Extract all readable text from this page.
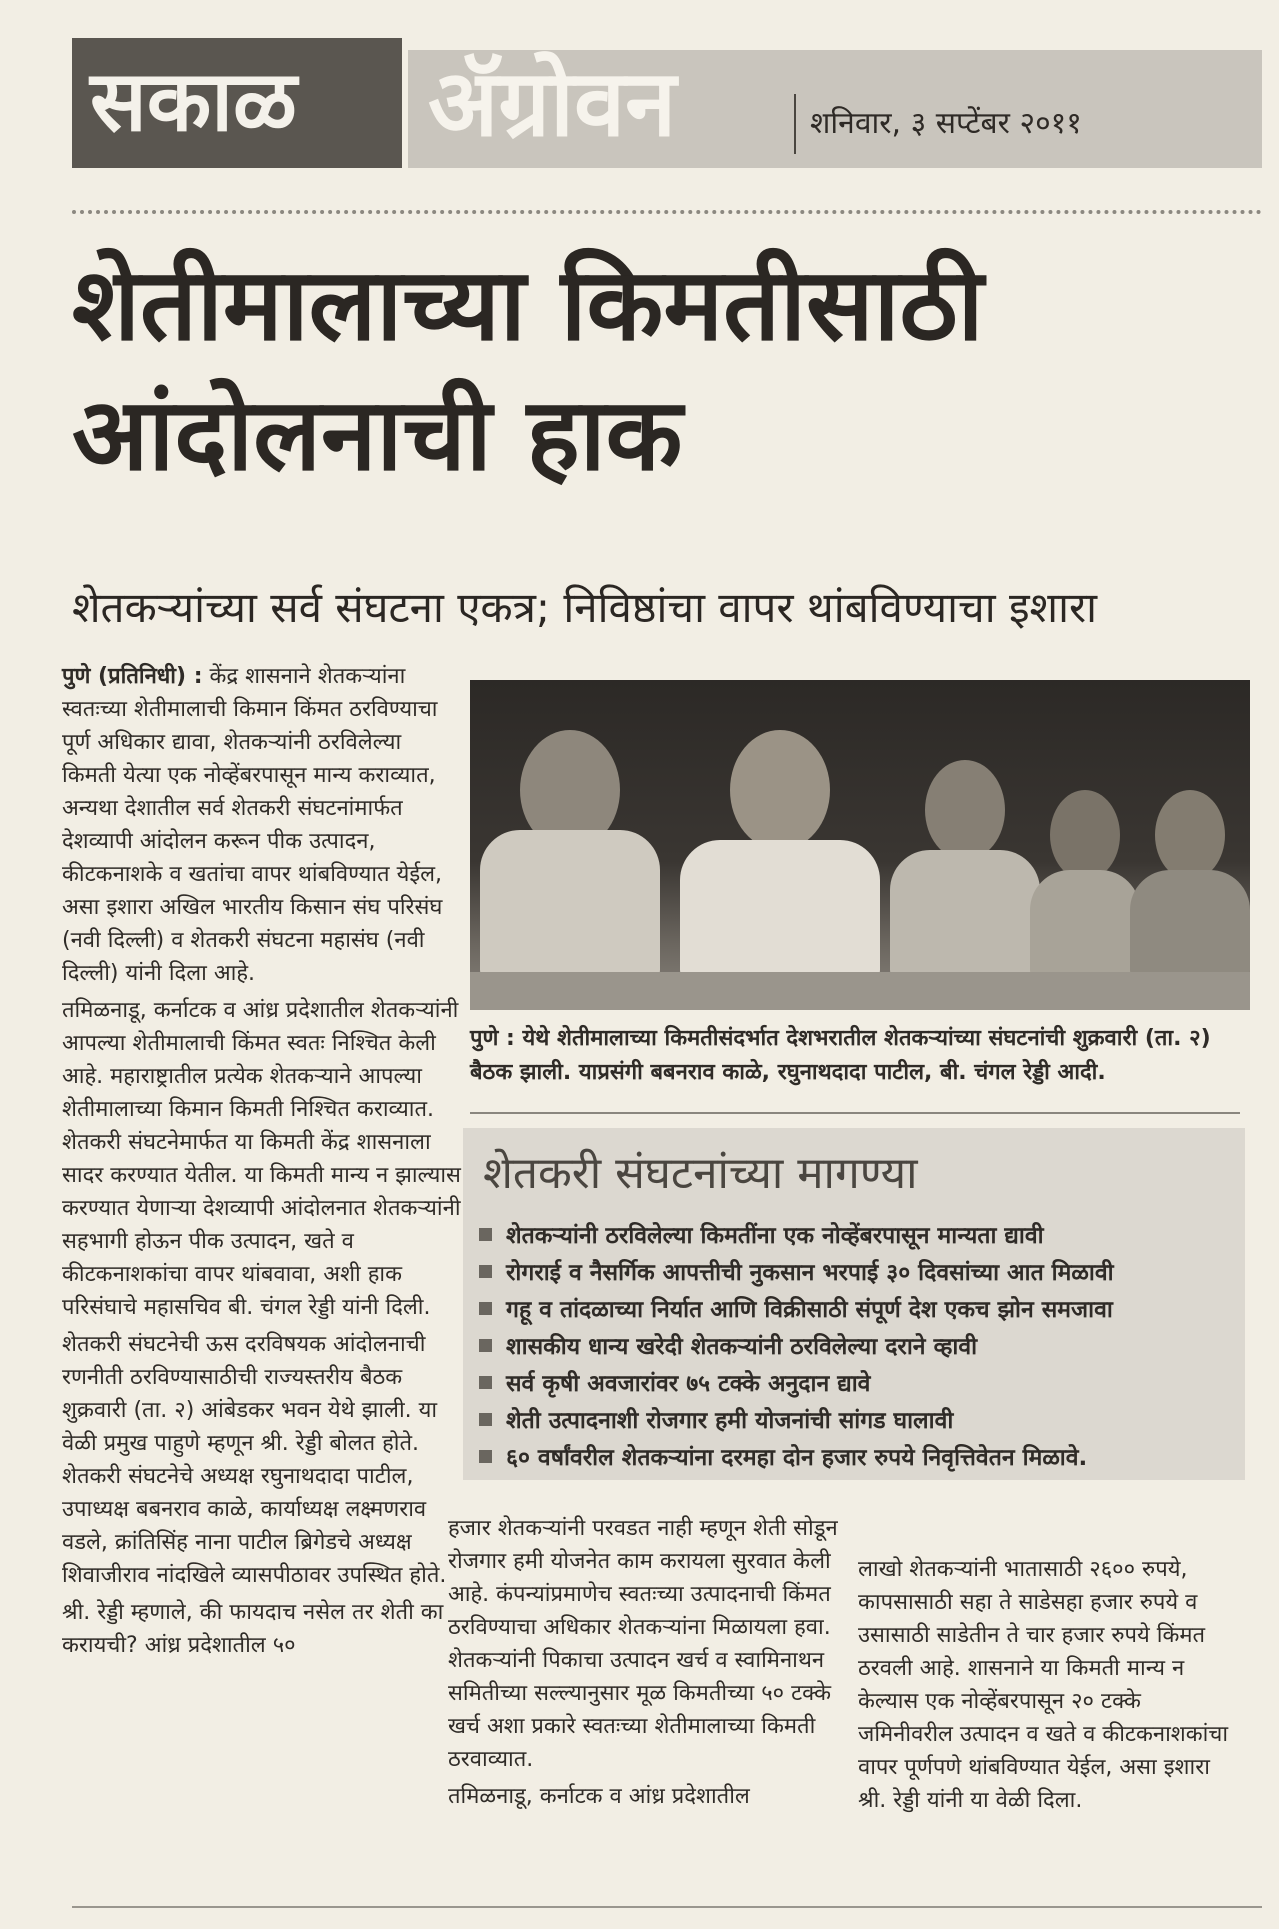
सकाळ ॲग्रोवन	शनिवार, ३ सप्टेंबर २०११
शेतीमालाच्या किमतीसाठी
आंदोलनाची हाक
शेतकऱ्यांच्या सर्व संघटना एकत्र; निविष्ठांचा वापर थांबविण्याचा इशारा

पुणे (प्रतिनिधी) : केंद्र शासनाने शेतकऱ्यांना स्वतःच्या शेतीमालाची किमान किंमत ठरविण्याचा पूर्ण अधिकार द्यावा, शेतकऱ्यांनी ठरविलेल्या किमती येत्या एक नोव्हेंबरपासून मान्य कराव्यात, अन्यथा देशातील सर्व शेतकरी संघटनांमार्फत देशव्यापी आंदोलन करून पीक उत्पादन, कीटकनाशके व खतांचा वापर थांबविण्यात येईल, असा इशारा अखिल भारतीय किसान संघ परिसंघ (नवी दिल्ली) व शेतकरी संघटना महासंघ (नवी दिल्ली) यांनी दिला आहे.

तमिळनाडू, कर्नाटक व आंध्र प्रदेशातील शेतकऱ्यांनी आपल्या शेतीमालाची किंमत स्वतः निश्चित केली आहे. महाराष्ट्रातील प्रत्येक शेतकऱ्याने आपल्या शेतीमालाच्या किमान किमती निश्चित कराव्यात. शेतकरी संघटनेमार्फत या किमती केंद्र शासनाला सादर करण्यात येतील. या किमती मान्य न झाल्यास करण्यात येणाऱ्या देशव्यापी आंदोलनात शेतकऱ्यांनी सहभागी होऊन पीक उत्पादन, खते व कीटकनाशकांचा वापर थांबवावा, अशी हाक परिसंघाचे महासचिव बी. चंगल रेड्डी यांनी दिली.

शेतकरी संघटनेची ऊस दरविषयक आंदोलनाची रणनीती ठरविण्यासाठीची राज्यस्तरीय बैठक शुक्रवारी (ता. २) आंबेडकर भवन येथे झाली. या वेळी प्रमुख पाहुणे म्हणून श्री. रेड्डी बोलत होते. शेतकरी संघटनेचे अध्यक्ष रघुनाथदादा पाटील, उपाध्यक्ष बबनराव काळे, कार्याध्यक्ष लक्ष्मणराव वडले, क्रांतिसिंह नाना पाटील ब्रिगेडचे अध्यक्ष शिवाजीराव नांदखिले व्यासपीठावर उपस्थित होते.

श्री. रेड्डी म्हणाले, की फायदाच नसेल तर शेती का करायची? आंध्र प्रदेशातील ५०

पुणे : येथे शेतीमालाच्या किमतीसंदर्भात देशभरातील शेतकऱ्यांच्या संघटनांची शुक्रवारी (ता. २) बैठक झाली. याप्रसंगी बबनराव काळे, रघुनाथदादा पाटील, बी. चंगल रेड्डी आदी.
शेतकरी संघटनांच्या मागण्या
शेतकऱ्यांनी ठरविलेल्या किमतींना एक नोव्हेंबरपासून मान्यता द्यावी
रोगराई व नैसर्गिक आपत्तीची नुकसान भरपाई ३० दिवसांच्या आत मिळावी
गहू व तांदळाच्या निर्यात आणि विक्रीसाठी संपूर्ण देश एकच झोन समजावा
शासकीय धान्य खरेदी शेतकऱ्यांनी ठरविलेल्या दराने व्हावी
सर्व कृषी अवजारांवर ७५ टक्के अनुदान द्यावे
शेती उत्पादनाशी रोजगार हमी योजनांची सांगड घालावी
६० वर्षांवरील शेतकऱ्यांना दरमहा दोन हजार रुपये निवृत्तिवेतन मिळावे.

हजार शेतकऱ्यांनी परवडत नाही म्हणून शेती सोडून रोजगार हमी योजनेत काम करायला सुरवात केली आहे. कंपन्यांप्रमाणेच स्वतःच्या उत्पादनाची किंमत ठरविण्याचा अधिकार शेतकऱ्यांना मिळायला हवा. शेतकऱ्यांनी पिकाचा उत्पादन खर्च व स्वामिनाथन समितीच्या सल्ल्यानुसार मूळ किमतीच्या ५० टक्के खर्च अशा प्रकारे स्वतःच्या शेतीमालाच्या किमती ठरवाव्यात.

तमिळनाडू, कर्नाटक व आंध्र प्रदेशातील

लाखो शेतकऱ्यांनी भातासाठी २६०० रुपये, कापसासाठी सहा ते साडेसहा हजार रुपये व उसासाठी साडेतीन ते चार हजार रुपये किंमत ठरवली आहे. शासनाने या किमती मान्य न केल्यास एक नोव्हेंबरपासून २० टक्के जमिनीवरील उत्पादन व खते व कीटकनाशकांचा वापर पूर्णपणे थांबविण्यात येईल, असा इशारा श्री. रेड्डी यांनी या वेळी दिला.
